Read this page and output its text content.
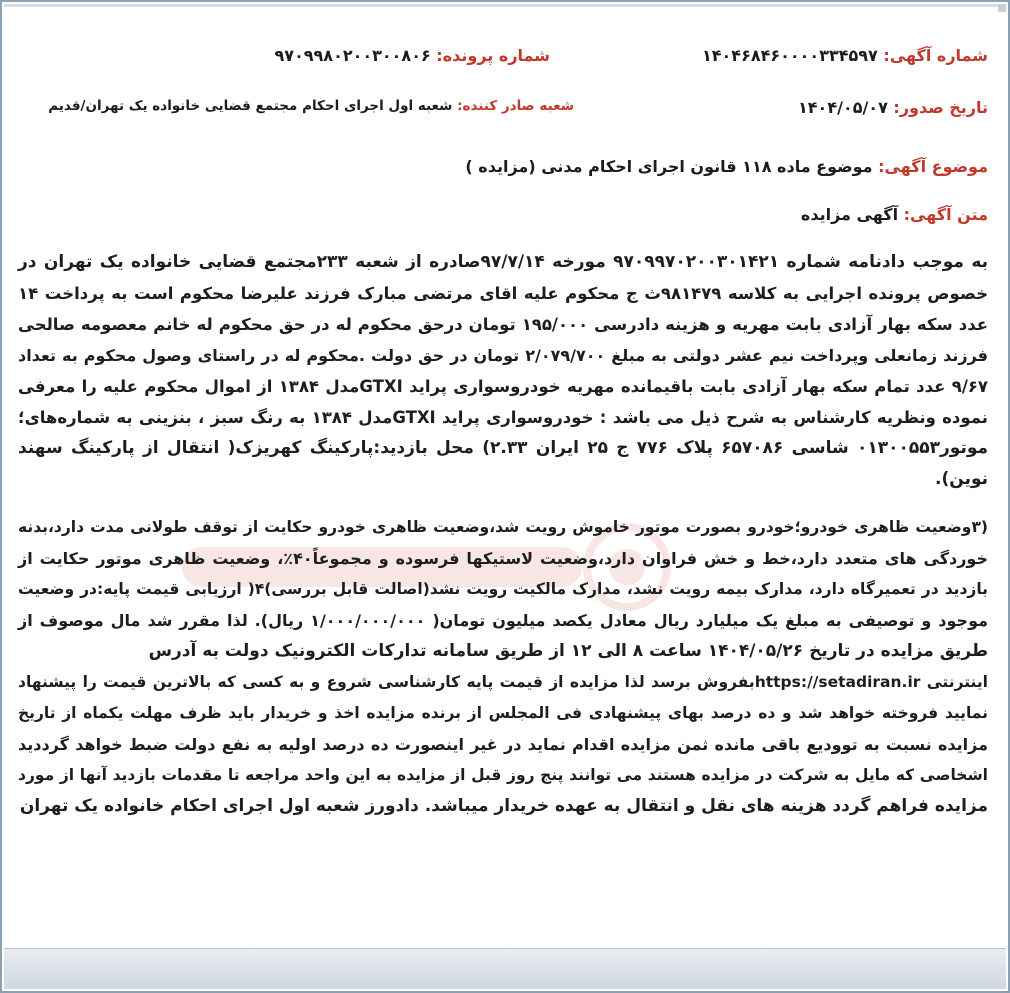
شماره آگهی: ۱۴۰۴۶۸۴۶۰۰۰۰۳۳۴۵۹۷
شماره پرونده: ۹۷۰۹۹۸۰۲۰۰۳۰۰۸۰۶
تاریخ صدور: ۱۴۰۴/۰۵/۰۷
شعبه صادر کننده: شعبه اول اجرای احکام مجتمع قضایی خانواده یک تهران/قدیم
موضوع آگهی: موضوع ماده ۱۱۸ قانون اجرای احکام مدنی (مزایده )
متن آگهی: آگهی مزایده
به موجب دادنامه شماره ۹۷۰۹۹۷۰۲۰۰۳۰۱۴۲۱ مورخه ۹۷/۷/۱۴صادره از شعبه ۲۳۳مجتمع قضایی خانواده یک تهران در
خصوص پرونده اجرایی به کلاسه ۹۸۱۴۷۹ث ج محکوم علیه اقای مرتضی مبارک فرزند علیرضا محکوم است به پرداخت ۱۴
عدد سکه بهار آزادی بابت مهریه و هزینه دادرسی ۱۹۵/۰۰۰ تومان درحق محکوم له در حق محکوم له خانم معصومه صالحی
فرزند زمانعلی وپرداخت نیم عشر دولتی به مبلغ ۲/۰۷۹/۷۰۰ تومان در حق دولت .محکوم له در راستای وصول محکوم به تعداد
۹/۶۷ عدد تمام سکه بهار آزادی بابت باقیمانده مهریه خودروسواری پراید GTXIمدل ۱۳۸۴ از اموال محکوم علیه را معرفی
نموده ونظریه کارشناس به شرح ذیل می باشد : خودروسواری پراید GTXIمدل ۱۳۸۴ به رنگ سبز ، بنزینی به شماره‌های؛
موتور۰۱۳۰۰۵۵۳ شاسی ۶۵۷۰۸۶ پلاک ۷۷۶ ج ۲۵ ایران ۲.۳۳) محل بازدید:پارکینگ کهریزک( انتقال از پارکینگ سهند
نوین).
(۳وضعیت ظاهری خودرو؛خودرو بصورت موتور خاموش رویت شد،وضعیت ظاهری خودرو حکایت از توقف طولانی مدت دارد،بدنه
خوردگی های متعدد دارد،خط و خش فراوان دارد،وضعیت لاستیکها فرسوده و مجموعاً۴۰٪، وضعیت ظاهری موتور حکایت از
بازدید در تعمیرگاه دارد، مدارک بیمه رویت نشد، مدارک مالکیت رویت نشد(اصالت قابل بررسی)۴( ارزیابی قیمت پایه:در وضعیت
موجود و توصیفی به مبلغ یک میلیارد ریال معادل یکصد میلیون تومان( ۱/۰۰۰/۰۰۰/۰۰۰ ریال). لذا مقرر شد مال موصوف از
طریق مزایده در تاریخ ۱۴۰۴/۰۵/۲۶ ساعت ۸ الی ۱۲ از طریق سامانه تدارکات الکترونیک دولت به آدرس
اینترنتی https://setadiran.irبفروش برسد لذا مزایده از قیمت پایه کارشناسی شروع و به کسی که بالاترین قیمت را پیشنهاد
نمایید فروخته خواهد شد و ده درصد بهای پیشنهادی فی المجلس از برنده مزایده اخذ و خریدار باید ظرف مهلت یکماه از تاریخ
مزایده نسبت به توودیع باقی مانده ثمن مزایده اقدام نماید در غیر اینصورت ده درصد اولیه به نفع دولت ضبط خواهد گرددید
اشخاصی که مایل به شرکت در مزایده هستند می توانند پنج روز قبل از مزایده به این واحد مراجعه تا مقدمات بازدید آنها از مورد
مزایده فراهم گردد هزینه های نقل و انتقال به عهده خریدار میباشد. دادورز شعبه اول اجرای احکام خانواده یک تهران
